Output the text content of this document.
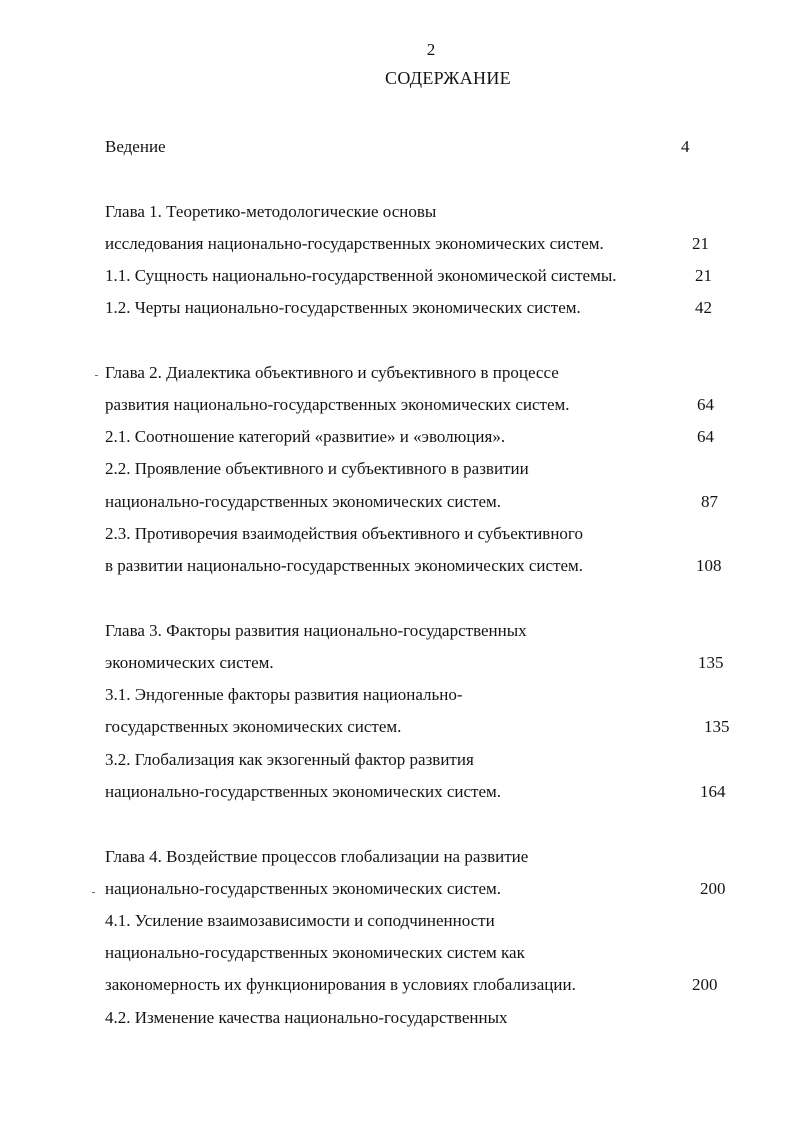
2
СОДЕРЖАНИЕ
Ведение	4
Глава 1. Теоретико-методологические основы
исследования национально-государственных экономических систем.	21
1.1. Сущность национально-государственной экономической системы.	21
1.2. Черты национально-государственных экономических систем.	42
Глава 2. Диалектика объективного и субъективного в процессе
развития национально-государственных экономических систем.	64
2.1. Соотношение категорий «развитие» и «эволюция».	64
2.2. Проявление объективного и субъективного в развитии
национально-государственных экономических систем.	87
2.3. Противоречия взаимодействия объективного и субъективного
в развитии национально-государственных экономических систем.	108
Глава 3. Факторы развития национально-государственных
экономических систем.	135
3.1. Эндогенные факторы развития национально-
государственных экономических систем.	135
3.2. Глобализация как экзогенный фактор развития
национально-государственных экономических систем.	164
Глава 4. Воздействие процессов глобализации на развитие
национально-государственных экономических систем.	200
4.1. Усиление взаимозависимости и соподчиненности
национально-государственных экономических систем как
закономерность их функционирования в условиях глобализации.	200
4.2. Изменение качества национально-государственных
